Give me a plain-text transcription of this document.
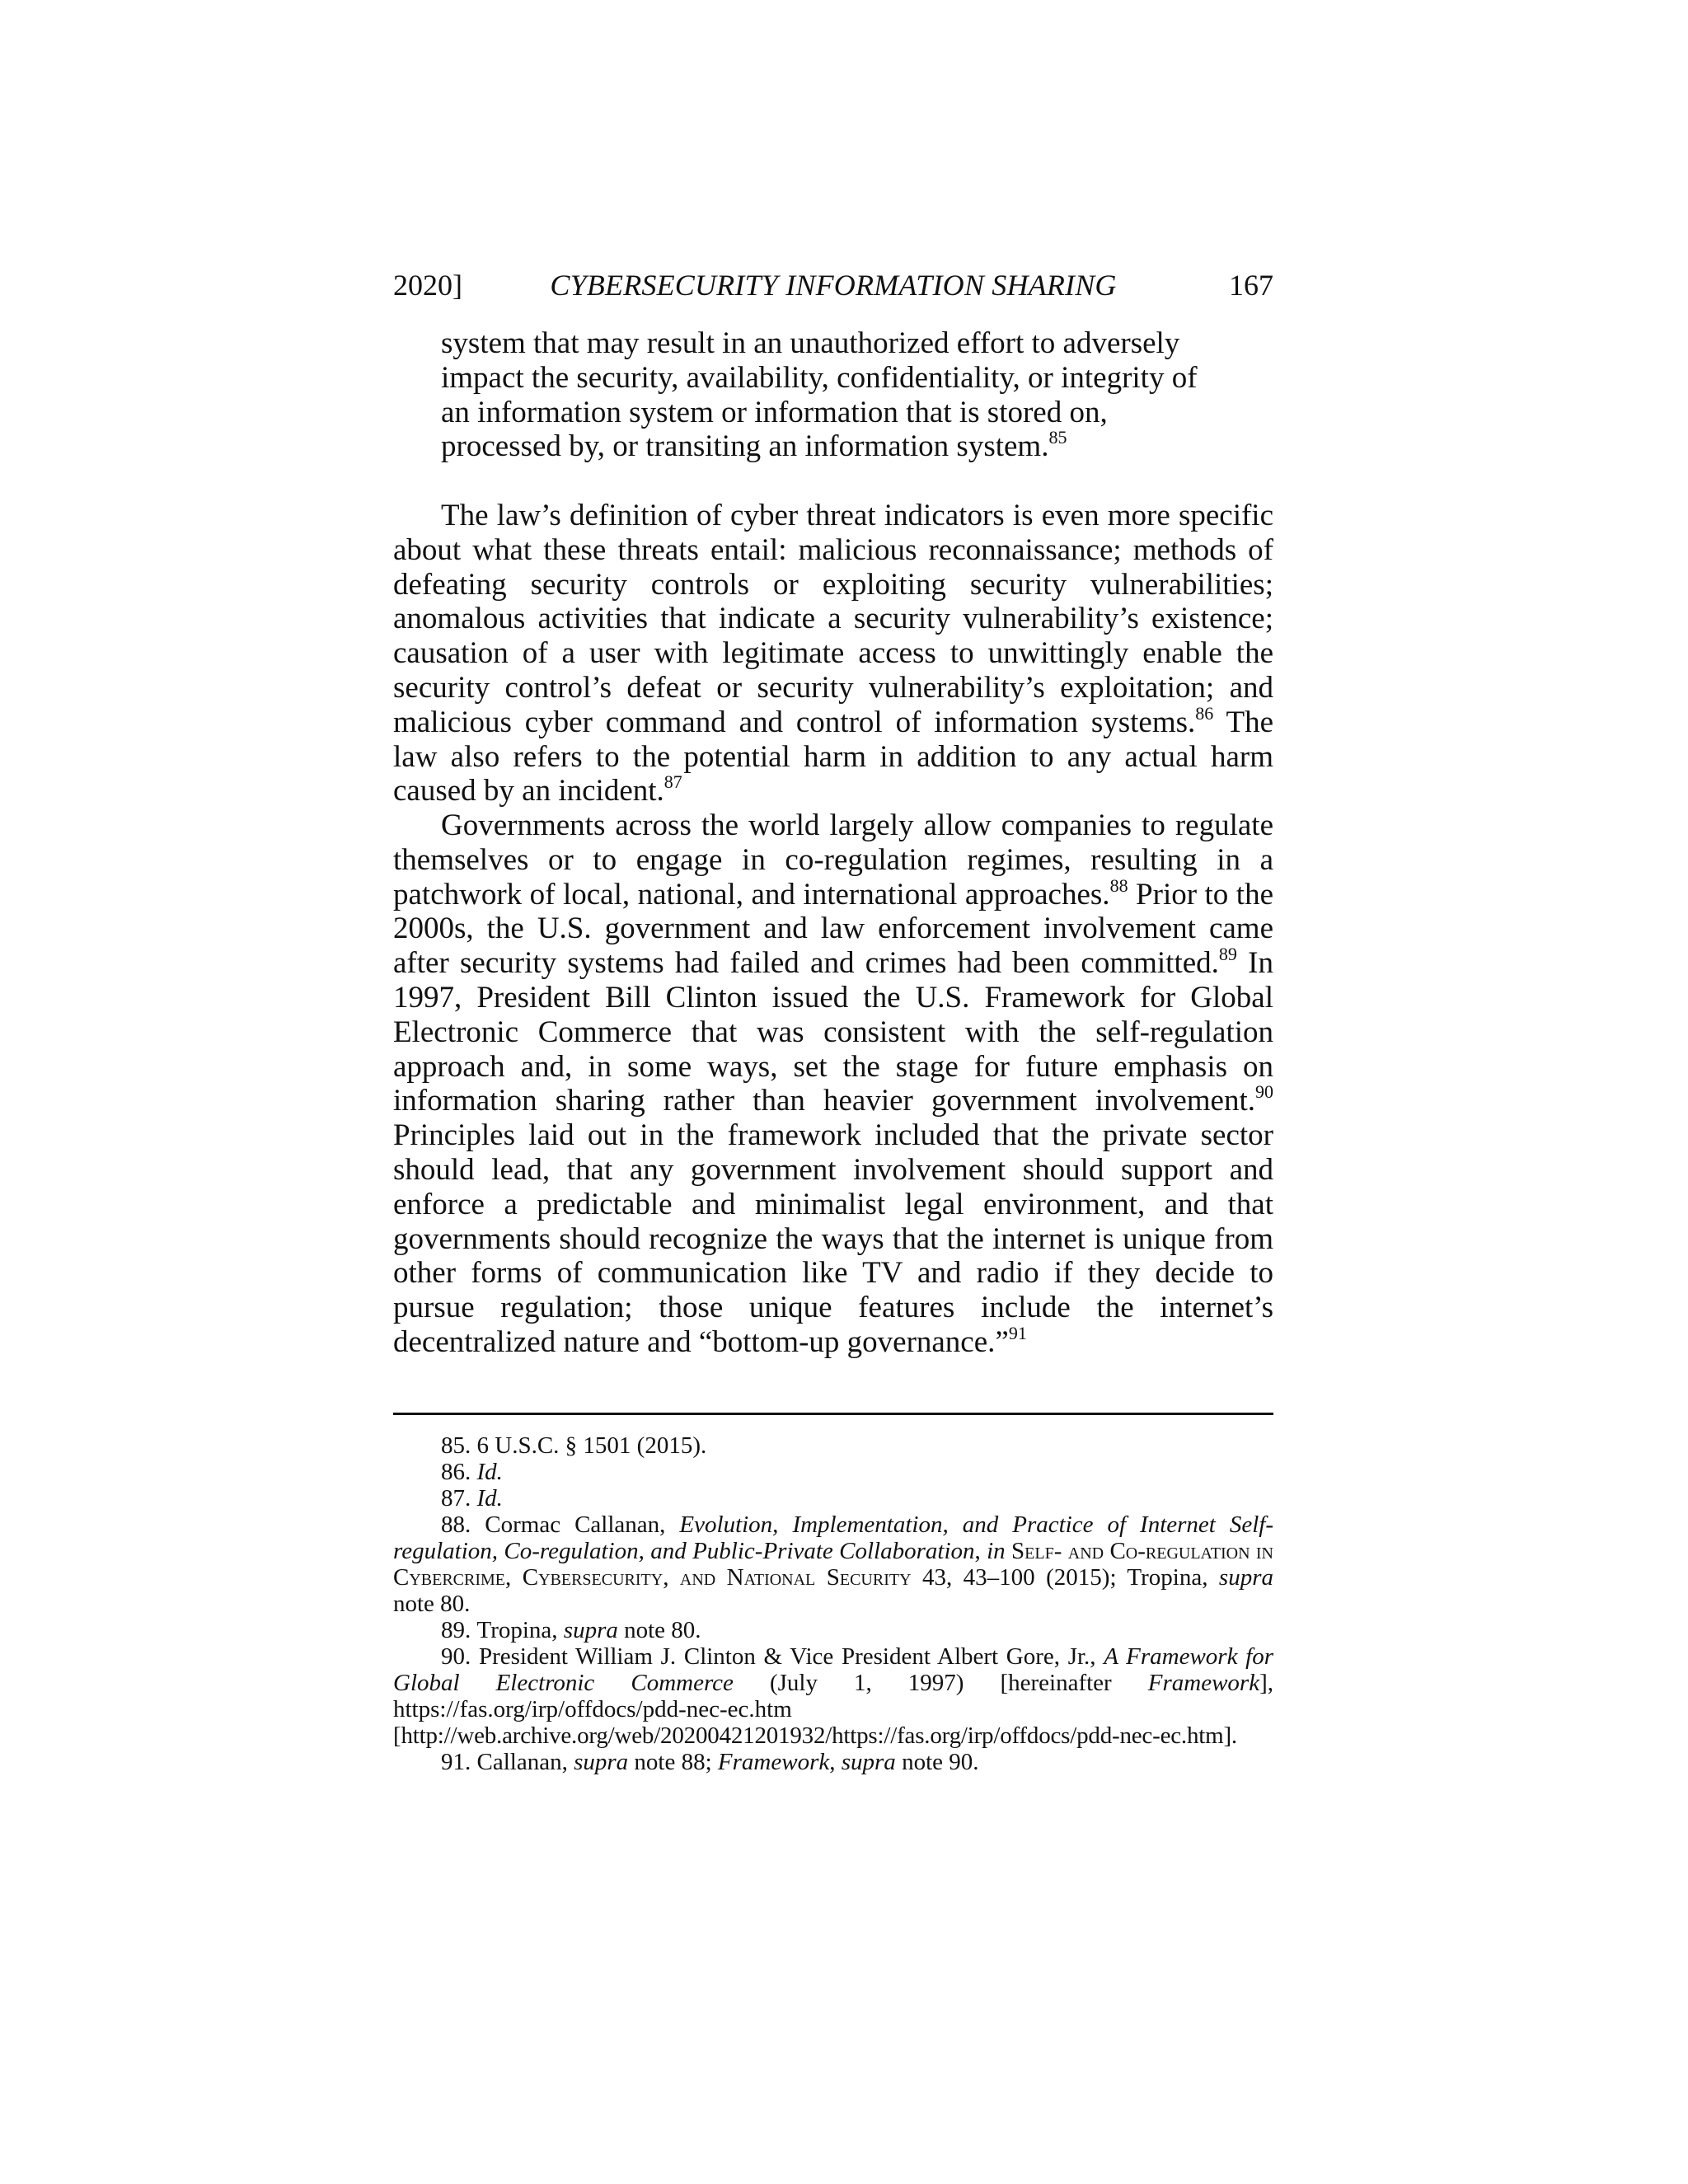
2020]	CYBERSECURITY INFORMATION SHARING	167
system that may result in an unauthorized effort to adversely impact the security, availability, confidentiality, or integrity of an information system or information that is stored on, processed by, or transiting an information system.$^{85}$

The law’s definition of cyber threat indicators is even more specific about what these threats entail: malicious reconnaissance; methods of defeating security controls or exploiting security vulnerabilities; anomalous activities that indicate a security vulnerability’s existence; causation of a user with legitimate access to unwittingly enable the security control’s defeat or security vulnerability’s exploitation; and malicious cyber command and control of information systems.$^{86}$ The law also refers to the potential harm in addition to any actual harm caused by an incident.$^{87}$

Governments across the world largely allow companies to regulate themselves or to engage in co-regulation regimes, resulting in a patchwork of local, national, and international approaches.$^{88}$ Prior to the 2000s, the U.S. government and law enforcement involvement came after security systems had failed and crimes had been committed.$^{89}$ In 1997, President Bill Clinton issued the U.S. Framework for Global Electronic Commerce that was consistent with the self-regulation approach and, in some ways, set the stage for future emphasis on information sharing rather than heavier government involvement.$^{90}$ Principles laid out in the framework included that the private sector should lead, that any government involvement should support and enforce a predictable and minimalist legal environment, and that governments should recognize the ways that the internet is unique from other forms of communication like TV and radio if they decide to pursue regulation; those unique features include the internet’s decentralized nature and “bottom-up governance.”$^{91}$

85. 6 U.S.C. § 1501 (2015).

86. Id.

87. Id.

88. Cormac Callanan, Evolution, Implementation, and Practice of Internet Self-regulation, Co-regulation, and Public-Private Collaboration, in Self- and Co-regulation in Cybercrime, Cybersecurity, and National Security 43, 43–100 (2015); Tropina, supra note 80.

89. Tropina, supra note 80.

90. President William J. Clinton & Vice President Albert Gore, Jr., A Framework for Global Electronic Commerce (July 1, 1997) [hereinafter Framework], https://fas.org/irp/offdocs/pdd-nec-ec.htm

[http://web.archive.org/web/20200421201932/https://fas.org/irp/offdocs/pdd-nec-ec.htm].

91. Callanan, supra note 88; Framework, supra note 90.
